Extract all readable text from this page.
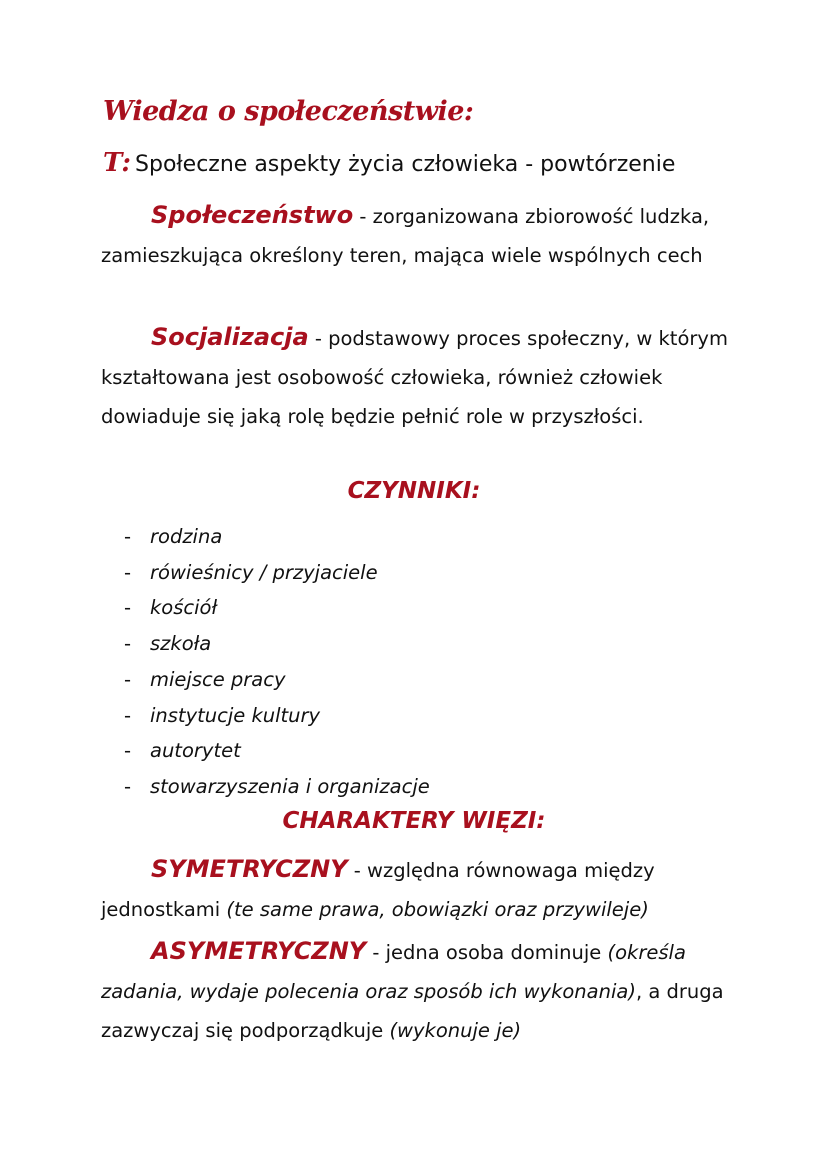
Wiedza o społeczeństwie:
T: Społeczne aspekty życia człowieka - powtórzenie
Społeczeństwo - zorganizowana zbiorowość ludzka, zamieszkująca określony teren, mająca wiele wspólnych cech
Socjalizacja - podstawowy proces społeczny, w którym kształtowana jest osobowość człowieka, również człowiek dowiaduje się jaką rolę będzie pełnić role w przyszłości.
CZYNNIKI:
- rodzina
- rówieśnicy / przyjaciele
- kościół
- szkoła
- miejsce pracy
- instytucje kultury
- autorytet
- stowarzyszenia i organizacje
CHARAKTERY WIĘZI:
SYMETRYCZNY - względna równowaga między jednostkami (te same prawa, obowiązki oraz przywileje)
ASYMETRYCZNY - jedna osoba dominuje (określa zadania, wydaje polecenia oraz sposób ich wykonania), a druga zazwyczaj się podporządkuje (wykonuje je)
